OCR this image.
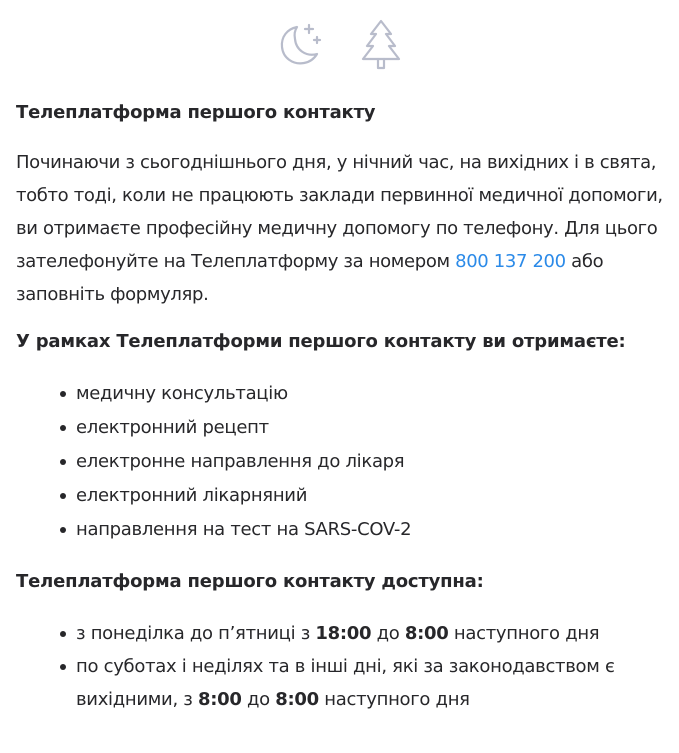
Телеплатформа першого контакту

Починаючи з сьогоднішнього дня, у нічний час, на вихідних і в свята, тобто тоді, коли не працюють заклади первинної медичної допомоги, ви отримаєте професійну медичну допомогу по телефону. Для цього зателефонуйте на Телеплатформу за номером 800 137 200 або заповніть формуляр.

У рамках Телеплатформи першого контакту ви отримаєте:
медичну консультацію
електронний рецепт
електронне направлення до лікаря
електронний лікарняний
направлення на тест на SARS-COV-2
Телеплатформа першого контакту доступна:
з понеділка до п’ятниці з 18:00 до 8:00 наступного дня
по суботах і неділях та в інші дні, які за законодавством є вихідними, з 8:00 до 8:00 наступного дня
